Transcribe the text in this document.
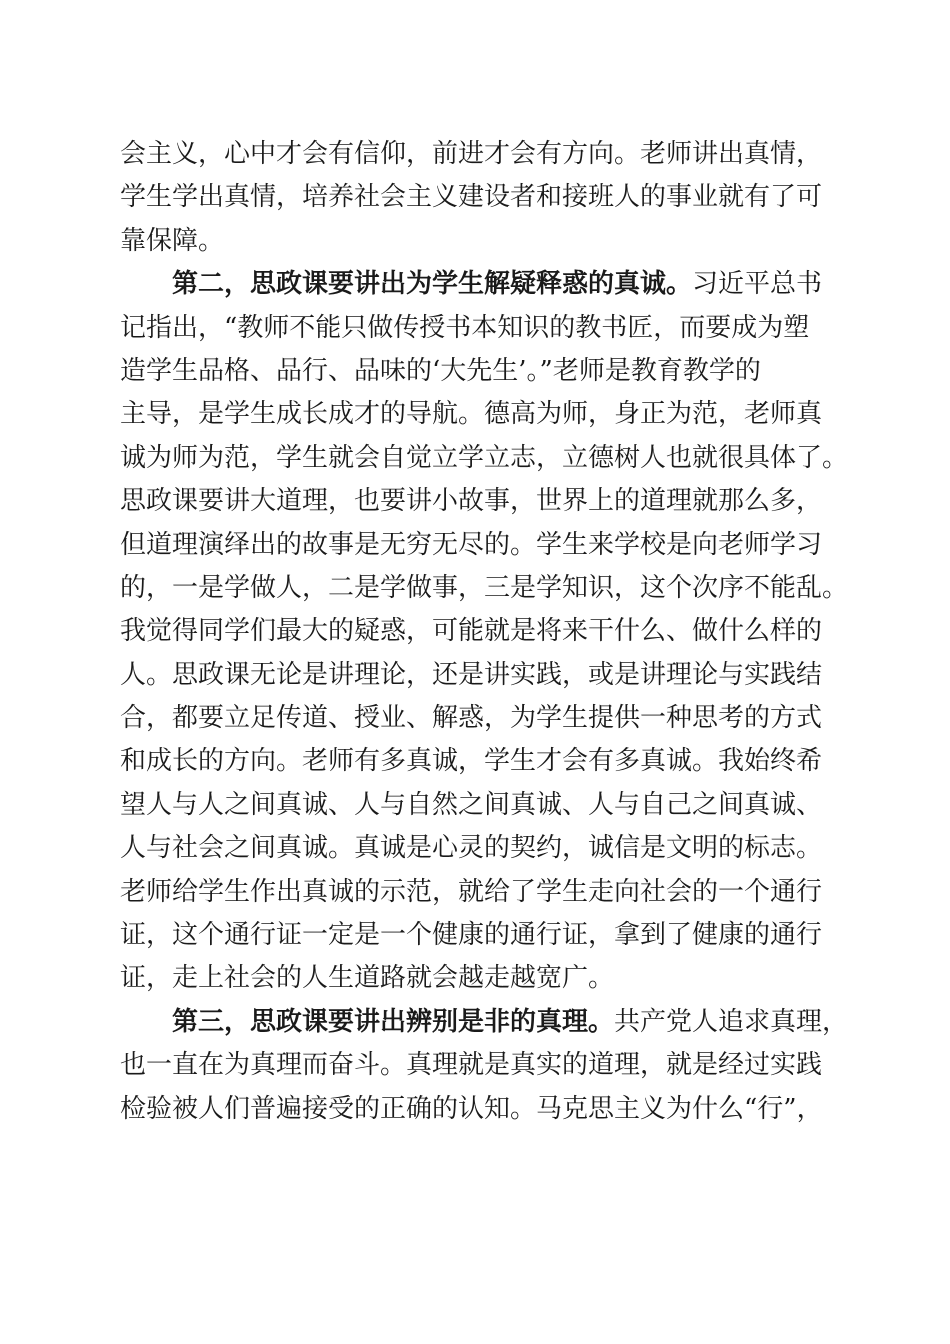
会主义，心中才会有信仰，前进才会有方向。老师讲出真情，
学生学出真情，培养社会主义建设者和接班人的事业就有了可
靠保障。
第二，思政课要讲出为学生解疑释惑的真诚。习近平总书
记指出，“教师不能只做传授书本知识的教书匠，而要成为塑
造学生品格、品行、品味的‘大先生’。”老师是教育教学的
主导，是学生成长成才的导航。德高为师，身正为范，老师真
诚为师为范，学生就会自觉立学立志，立德树人也就很具体了。
思政课要讲大道理，也要讲小故事，世界上的道理就那么多，
但道理演绎出的故事是无穷无尽的。学生来学校是向老师学习
的，一是学做人，二是学做事，三是学知识，这个次序不能乱。
我觉得同学们最大的疑惑，可能就是将来干什么、做什么样的
人。思政课无论是讲理论，还是讲实践，或是讲理论与实践结
合，都要立足传道、授业、解惑，为学生提供一种思考的方式
和成长的方向。老师有多真诚，学生才会有多真诚。我始终希
望人与人之间真诚、人与自然之间真诚、人与自己之间真诚、
人与社会之间真诚。真诚是心灵的契约，诚信是文明的标志。
老师给学生作出真诚的示范，就给了学生走向社会的一个通行
证，这个通行证一定是一个健康的通行证，拿到了健康的通行
证，走上社会的人生道路就会越走越宽广。
第三，思政课要讲出辨别是非的真理。共产党人追求真理，
也一直在为真理而奋斗。真理就是真实的道理，就是经过实践
检验被人们普遍接受的正确的认知。马克思主义为什么“行”，
